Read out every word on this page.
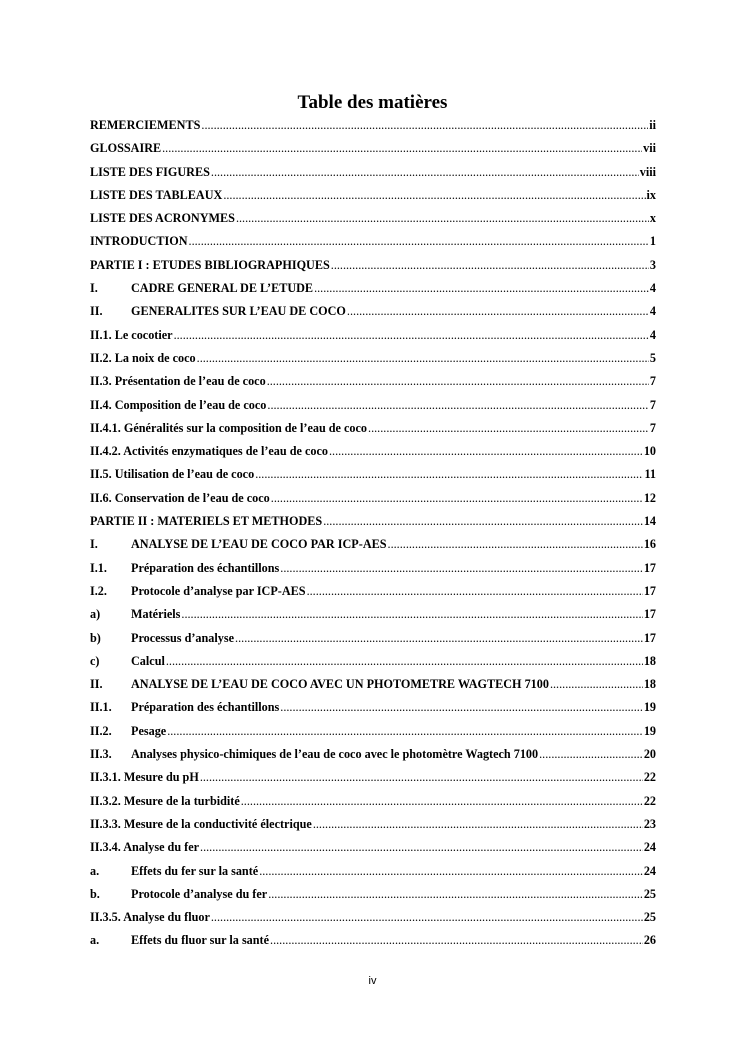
Table des matières
REMERCIEMENTS .....	ii
GLOSSAIRE .....	vii
LISTE DES FIGURES .....	viii
LISTE DES TABLEAUX .....	ix
LISTE DES ACRONYMES .....	x
INTRODUCTION .....	1
PARTIE I : ETUDES BIBLIOGRAPHIQUES .....	3
I.	CADRE GENERAL DE L’ETUDE .....	4
II.	GENERALITES SUR L’EAU DE COCO .....	4
II.1. Le cocotier .....	4
II.2. La noix de coco .....	5
II.3. Présentation de l’eau de coco .....	7
II.4. Composition de l’eau de coco .....	7
II.4.1. Généralités sur la composition de l’eau de coco .....	7
II.4.2. Activités enzymatiques de l’eau de coco .....	10
II.5. Utilisation de l’eau de coco .....	11
II.6. Conservation de l’eau de coco .....	12
PARTIE II : MATERIELS ET METHODES .....	14
I.	ANALYSE DE L’EAU DE COCO PAR ICP-AES .....	16
I.1.	Préparation des échantillons .....	17
I.2.	Protocole d’analyse par ICP-AES .....	17
a)	Matériels .....	17
b)	Processus d’analyse .....	17
c)	Calcul .....	18
II.	ANALYSE DE L’EAU DE COCO AVEC UN PHOTOMETRE WAGTECH 7100 .....	18
II.1.	Préparation des échantillons .....	19
II.2.	Pesage .....	19
II.3.	Analyses physico-chimiques de l’eau de coco avec le photomètre Wagtech 7100 .....	20
II.3.1. Mesure du pH .....	22
II.3.2. Mesure de la turbidité .....	22
II.3.3. Mesure de la conductivité électrique .....	23
II.3.4. Analyse du fer .....	24
a.	Effets du fer sur la santé .....	24
b.	Protocole d’analyse du fer .....	25
II.3.5. Analyse du fluor .....	25
a.	Effets du fluor sur la santé .....	26
iv
